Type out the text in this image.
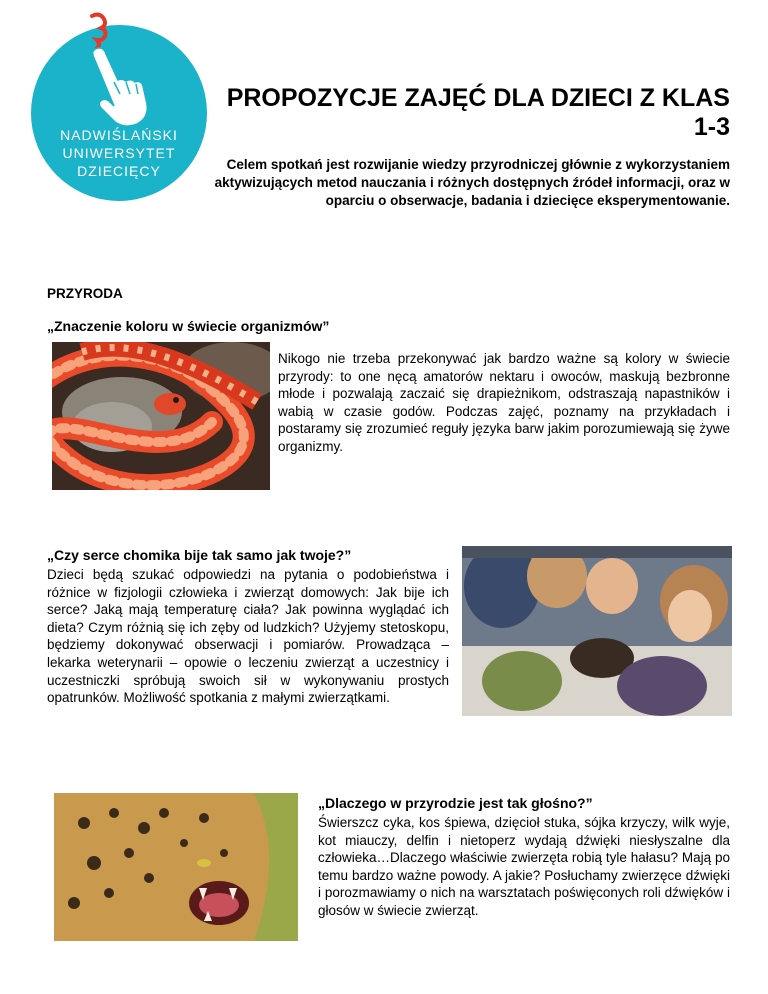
NADWIŚLAŃSKI
UNIWERSYTET
DZIECIĘCY
PROPOZYCJE ZAJĘĆ DLA DZIECI Z KLAS 1-3

Celem spotkań jest rozwijanie wiedzy przyrodniczej głównie z wykorzystaniem aktywizujących metod nauczania i różnych dostępnych źródeł informacji, oraz w oparciu o obserwacje, badania i dziecięce eksperymentowanie.

PRZYRODA
„Znaczenie koloru w świecie organizmów”

Nikogo nie trzeba przekonywać jak bardzo ważne są kolory w świecie przyrody: to one nęcą amatorów nektaru i owoców, maskują bezbronne młode i pozwalają zaczaić się drapieżnikom, odstraszają napastników i wabią w czasie godów. Podczas zajęć, poznamy na przykładach i postaramy się zrozumieć reguły języka barw jakim porozumiewają się żywe organizmy.

„Czy serce chomika bije tak samo jak twoje?”

Dzieci będą szukać odpowiedzi na pytania o podobieństwa i różnice w fizjologii człowieka i zwierząt domowych: Jak bije ich serce? Jaką mają temperaturę ciała? Jak powinna wyglądać ich dieta? Czym różnią się ich zęby od ludzkich? Użyjemy stetoskopu, będziemy dokonywać obserwacji i pomiarów. Prowadząca – lekarka weterynarii – opowie o leczeniu zwierząt a uczestnicy i uczestniczki spróbują swoich sił w wykonywaniu prostych opatrunków. Możliwość spotkania z małymi zwierzątkami.

„Dlaczego w przyrodzie jest tak głośno?”

Świerszcz cyka, kos śpiewa, dzięcioł stuka, sójka krzyczy, wilk wyje, kot miauczy, delfin i nietoperz wydają dźwięki niesłyszalne dla człowieka…Dlaczego właściwie zwierzęta robią tyle hałasu? Mają po temu bardzo ważne powody. A jakie? Posłuchamy zwierzęce dźwięki i porozmawiamy o nich na warsztatach poświęconych roli dźwięków i głosów w świecie zwierząt.
